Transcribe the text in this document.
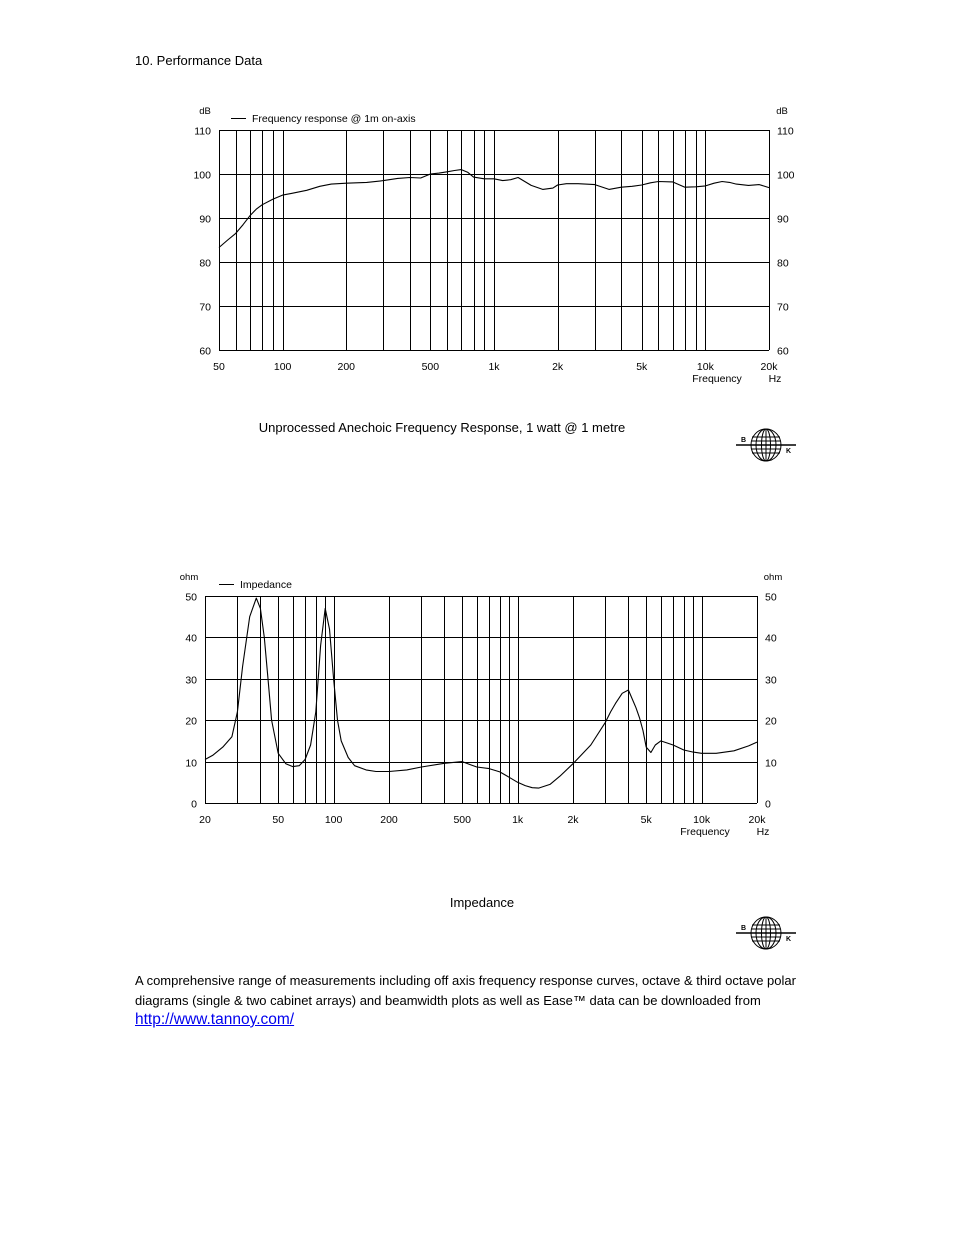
10. Performance Data
60	60
70	70
80	80
90	90
100	100
110	110
dB	dB
50	100	200	500	1k	2k	5k	10k	20k
Frequency	Hz
Frequency response @ 1m on-axis
Unprocessed Anechoic Frequency Response, 1 watt @ 1 metre
B
K
0	0
10	10
20	20
30	30
40	40
50	50
ohm	ohm
20	50	100	200	500	1k	2k	5k	10k	20k
Frequency	Hz
Impedance
Impedance
B
K
A comprehensive range of measurements including off axis frequency response curves, octave & third octave polar diagrams (single & two cabinet arrays) and beamwidth plots as well as Ease™ data can be downloaded from http://www.tannoy.com/
